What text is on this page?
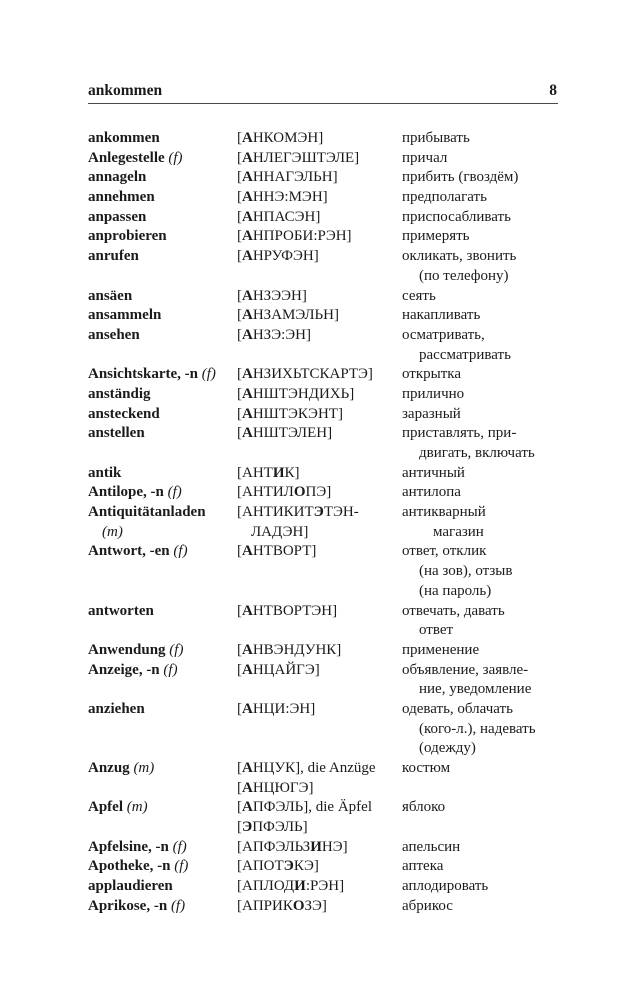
ankommen	8
ankommen	[АНКОМЭН]	прибывать
Anlegestelle (f)	[АНЛЕГЭШТЭЛЕ]	причал
annageln	[АННАГЭЛЬН]	прибить (гвоздём)
annehmen	[АННЭ:МЭН]	предполагать
anpassen	[АНПАСЭН]	приспосабливать
anprobieren	[АНПРОБИ:РЭН]	примерять
anrufen	[АНРУФЭН]	окликать, звонить
(по телефону)
ansäen	[АНЗЭЭН]	сеять
ansammeln	[АНЗАМЭЛЬН]	накапливать
ansehen	[АНЗЭ:ЭН]	осматривать,
рассматривать
Ansichtskarte, -n (f)	[АНЗИХЬТСКАРТЭ]	открытка
anständig	[АНШТЭНДИХЬ]	прилично
ansteckend	[АНШТЭКЭНТ]	заразный
anstellen	[АНШТЭЛЕН]	приставлять, при-
двигать, включать
antik	[АНТИК]	античный
Antilope, -n (f)	[АНТИЛОПЭ]	антилопа
Antiquitätanladen	[АНТИКИТЭТЭН-	антикварный
(m)	ЛАДЭН]	магазин
Antwort, -en (f)	[АНТВОРТ]	ответ, отклик
(на зов), отзыв
(на пароль)
antworten	[АНТВОРТЭН]	отвечать, давать
ответ
Anwendung (f)	[АНВЭНДУНК]	применение
Anzeige, -n (f)	[АНЦАЙГЭ]	объявление, заявле-
ние, уведомление
anziehen	[АНЦИ:ЭН]	одевать, облачать
(кого-л.), надевать
(одежду)
Anzug (m)	[АНЦУК], die Anzüge	костюм
[АНЦЮГЭ]
Apfel (m)	[АПФЭЛЬ], die Äpfel	яблоко
[ЭПФЭЛЬ]
Apfelsine, -n (f)	[АПФЭЛЬЗИНЭ]	апельсин
Apotheke, -n (f)	[АПОТЭКЭ]	аптека
applaudieren	[АПЛОДИ:РЭН]	аплодировать
Aprikose, -n (f)	[АПРИКОЗЭ]	абрикос
